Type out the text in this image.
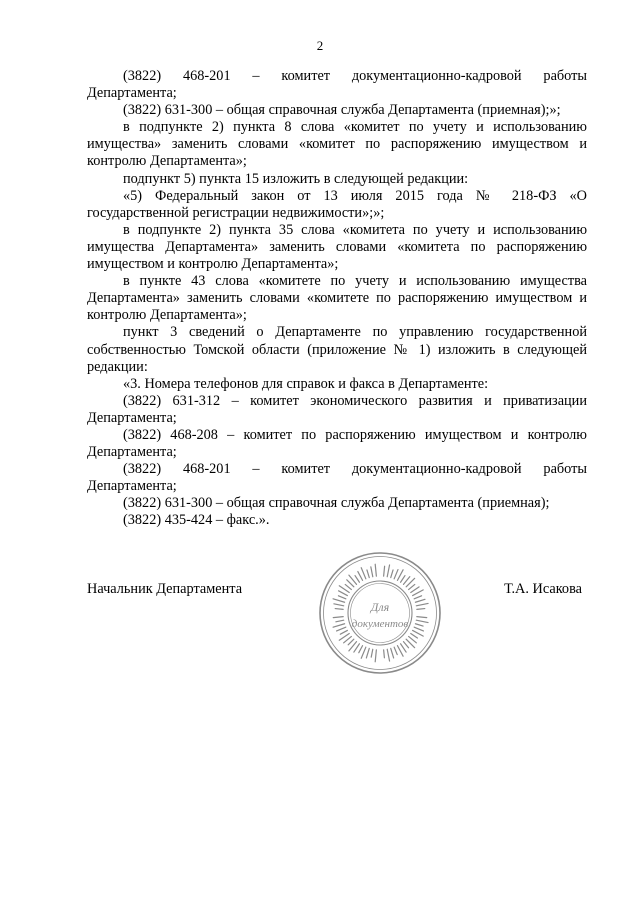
2

(3822) 468-201 – комитет документационно-кадровой работы Департамента;

(3822) 631-300 – общая справочная служба Департамента (приемная);»;

в подпункте 2) пункта 8 слова «комитет по учету и использованию имущества» заменить словами «комитет по распоряжению имуществом и контролю Департамента»;

подпункт 5) пункта 15 изложить в следующей редакции:

«5) Федеральный закон от 13 июля 2015 года № 218-ФЗ «О государственной регистрации недвижимости»;»;

в подпункте 2) пункта 35 слова «комитета по учету и использованию имущества Департамента» заменить словами «комитета по распоряжению имуществом и контролю Департамента»;

в пункте 43 слова «комитете по учету и использованию имущества Департамента» заменить словами «комитете по распоряжению имуществом и контролю Департамента»;

пункт 3 сведений о Департаменте по управлению государственной собственностью Томской области (приложение № 1) изложить в следующей редакции:

«3. Номера телефонов для справок и факса в Департаменте:

(3822) 631-312 – комитет экономического развития и приватизации Департамента;

(3822) 468-208 – комитет по распоряжению имуществом и контролю Департамента;

(3822) 468-201 – комитет документационно-кадровой работы Департамента;

(3822) 631-300 – общая справочная служба Департамента (приемная);

(3822) 435-424 – факс.».

Начальник Департамента	Т.А. Исакова
Для
документов
